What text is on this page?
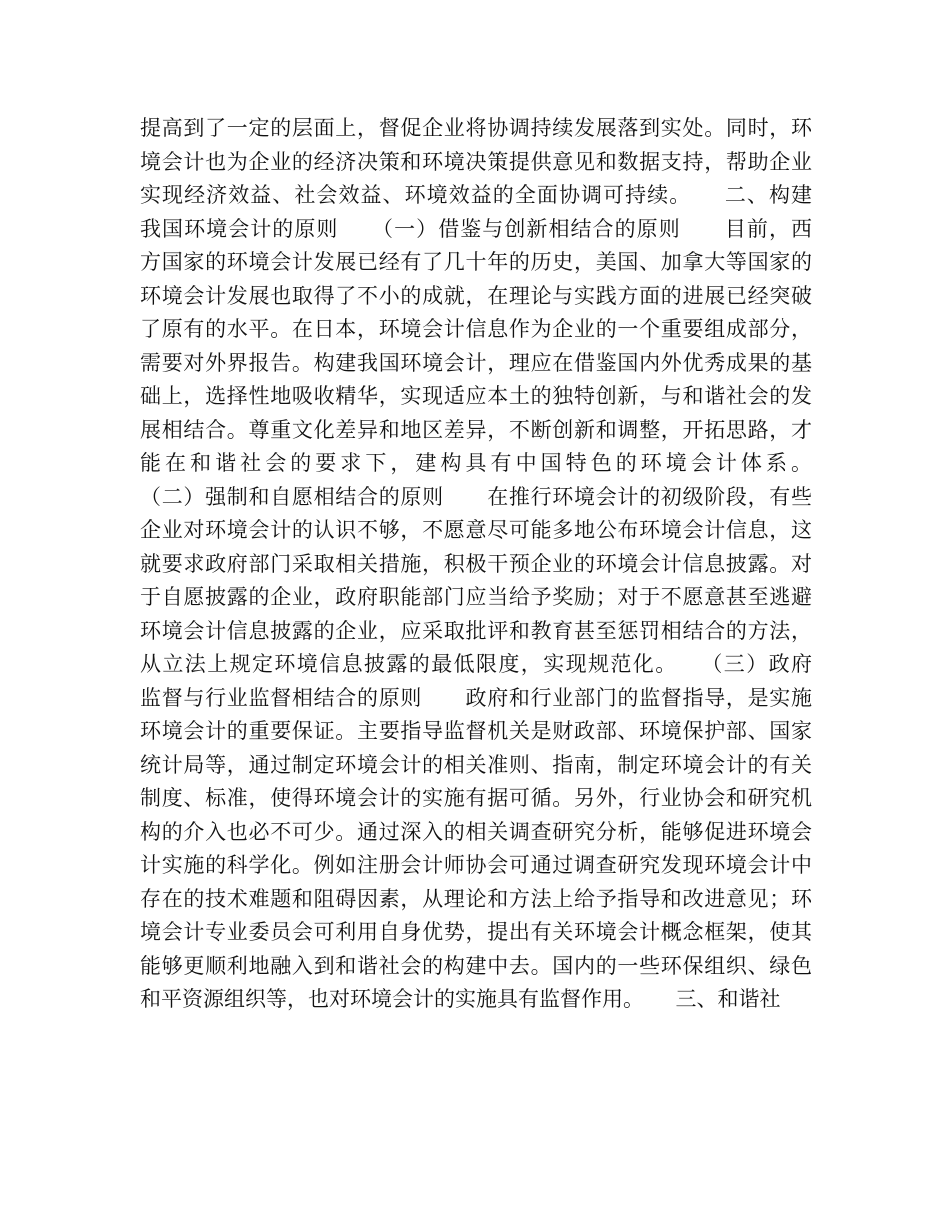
提高到了一定的层面上，督促企业将协调持续发展落到实处。同时，环
境会计也为企业的经济决策和环境决策提供意见和数据支持，帮助企业
实现经济效益、社会效益、环境效益的全面协调可持续。　　二、构建
我国环境会计的原则　　（一）借鉴与创新相结合的原则　　目前，西
方国家的环境会计发展已经有了几十年的历史，美国、加拿大等国家的
环境会计发展也取得了不小的成就，在理论与实践方面的进展已经突破
了原有的水平。在日本，环境会计信息作为企业的一个重要组成部分，
需要对外界报告。构建我国环境会计，理应在借鉴国内外优秀成果的基
础上，选择性地吸收精华，实现适应本土的独特创新，与和谐社会的发
展相结合。尊重文化差异和地区差异，不断创新和调整，开拓思路，才
能在和谐社会的要求下，建构具有中国特色的环境会计体系。
（二）强制和自愿相结合的原则　　在推行环境会计的初级阶段，有些
企业对环境会计的认识不够，不愿意尽可能多地公布环境会计信息，这
就要求政府部门采取相关措施，积极干预企业的环境会计信息披露。对
于自愿披露的企业，政府职能部门应当给予奖励；对于不愿意甚至逃避
环境会计信息披露的企业，应采取批评和教育甚至惩罚相结合的方法，
从立法上规定环境信息披露的最低限度，实现规范化。　　（三）政府
监督与行业监督相结合的原则　　政府和行业部门的监督指导，是实施
环境会计的重要保证。主要指导监督机关是财政部、环境保护部、国家
统计局等，通过制定环境会计的相关准则、指南，制定环境会计的有关
制度、标准，使得环境会计的实施有据可循。另外，行业协会和研究机
构的介入也必不可少。通过深入的相关调查研究分析，能够促进环境会
计实施的科学化。例如注册会计师协会可通过调查研究发现环境会计中
存在的技术难题和阻碍因素，从理论和方法上给予指导和改进意见；环
境会计专业委员会可利用自身优势，提出有关环境会计概念框架，使其
能够更顺利地融入到和谐社会的构建中去。国内的一些环保组织、绿色
和平资源组织等，也对环境会计的实施具有监督作用。　　三、和谐社
